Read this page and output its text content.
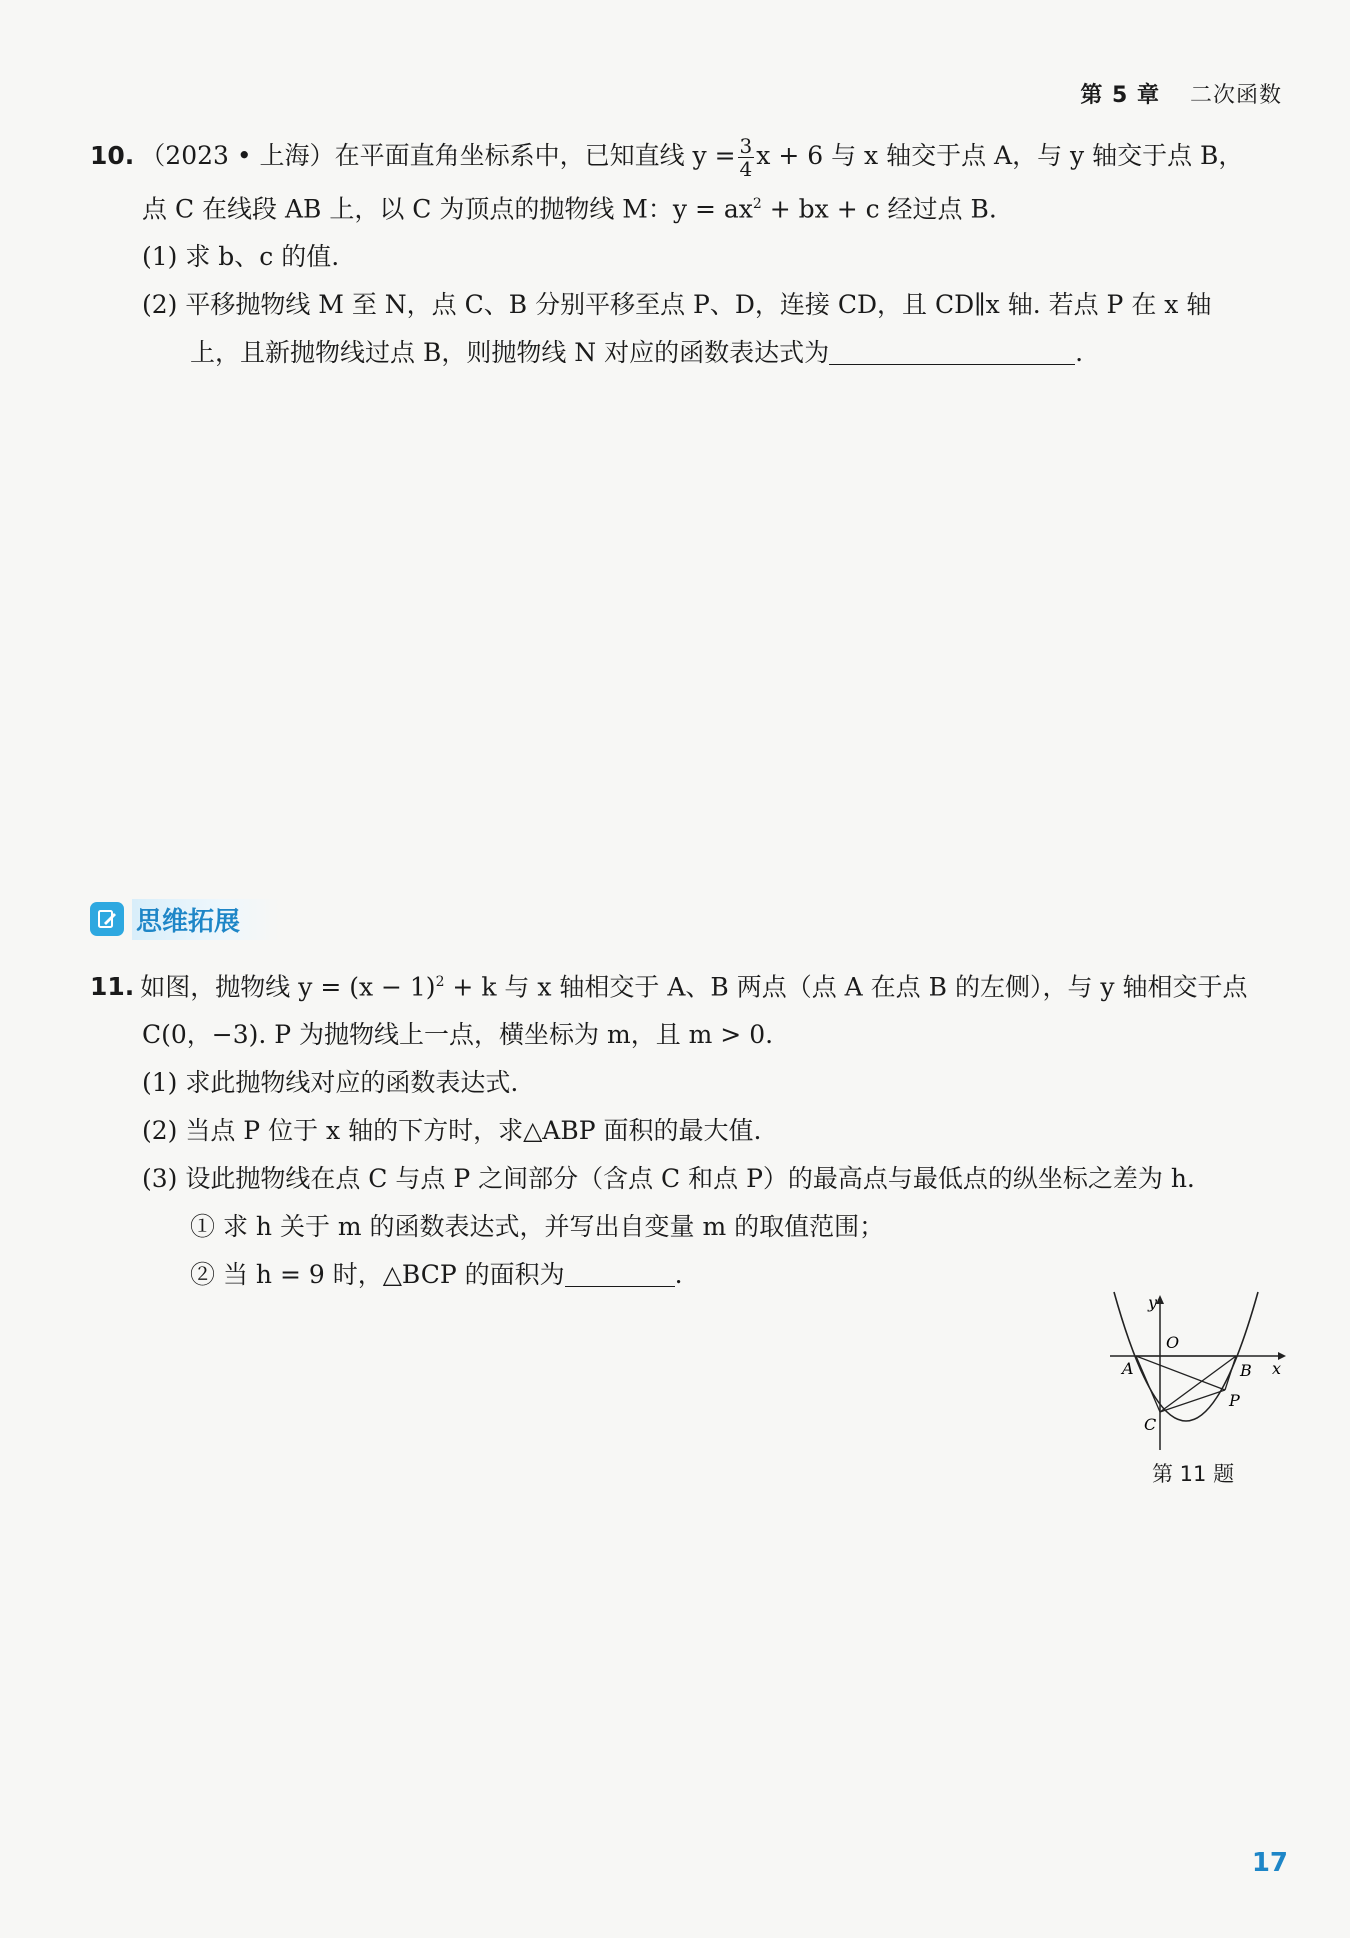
第 5 章 二次函数
10. （2023 • 上海）在平面直角坐标系中，已知直线 $y = \frac{3}{4}$ x + 6 与 x 轴交于点 A，与 y 轴交于点 B，
点 C 在线段 AB 上，以 C 为顶点的抛物线 M：$y = ax^2$ + bx + c 经过点 B.
(1) 求 b、c 的值.
(2) 平移抛物线 M 至 N，点 C、B 分别平移至点 P、D，连接 CD，且 CD∥x 轴. 若点 P 在 x 轴
上，且新抛物线过点 B，则抛物线 N 对应的函数表达式为	.
思维拓展
11. 如图，抛物线 $y = (x - 1)^2 + k$ 与 x 轴相交于 A、B 两点（点 A 在点 B 的左侧），与 y 轴相交于点
C(0，−3). P 为抛物线上一点，横坐标为 m，且 m > 0.
(1) 求此抛物线对应的函数表达式.
(2) 当点 P 位于 x 轴的下方时，求△ABP 面积的最大值.
(3) 设此抛物线在点 C 与点 P 之间部分（含点 C 和点 P）的最高点与最低点的纵坐标之差为 h.
① 求 h 关于 m 的函数表达式，并写出自变量 m 的取值范围；
② 当 h = 9 时，△BCP 的面积为	.
y
x
O
A	B
C
P
第 11 题
17
